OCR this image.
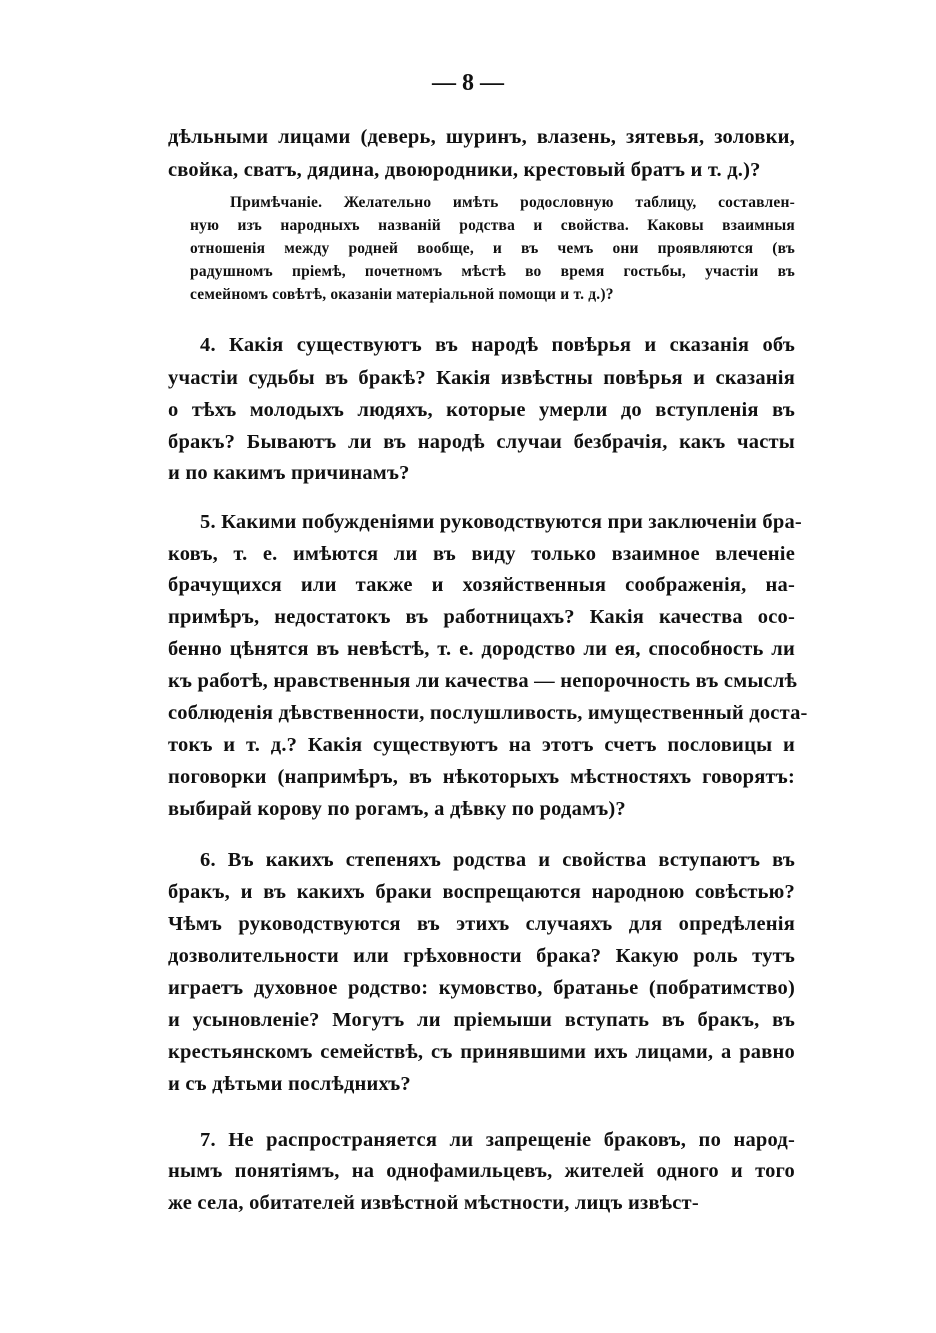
— 8 —
дѣльными лицами (деверь, шуринъ, влазень, зятевья, золовки,
свойка, сватъ, дядина, двоюродники, крестовый братъ и т. д.)?
Примѣчаніе. Желательно имѣть родословную таблицу, составлен-
ную изъ народныхъ названій родства и свойства. Каковы взаимныя
отношенія между родней вообще, и въ чемъ они проявляются (въ
радушномъ пріемѣ, почетномъ мѣстѣ во время гостьбы, участіи въ
семейномъ совѣтѣ, оказаніи матеріальной помощи и т. д.)?
4. Какія существуютъ въ народѣ повѣрья и сказанія объ
участіи судьбы въ бракѣ? Какія извѣстны повѣрья и сказанія
о тѣхъ молодыхъ людяхъ, которые умерли до вступленія въ
бракъ? Бываютъ ли въ народѣ случаи безбрачія, какъ часты
и по какимъ причинамъ?
5. Какими побужденіями руководствуются при заключеніи бра-
ковъ, т. е. имѣются ли въ виду только взаимное влеченіе
брачущихся или также и хозяйственныя соображенія, на-
примѣръ, недостатокъ въ работницахъ? Какія качества осо-
бенно цѣнятся въ невѣстѣ, т. е. дородство ли ея, способность ли
къ работѣ, нравственныя ли качества — непорочность въ смыслѣ
соблюденія дѣвственности, послушливость, имущественный доста-
токъ и т. д.? Какія существуютъ на этотъ счетъ пословицы и
поговорки (напримѣръ, въ нѣкоторыхъ мѣстностяхъ говорятъ:
выбирай корову по рогамъ, а дѣвку по родамъ)?
6. Въ какихъ степеняхъ родства и свойства вступаютъ въ
бракъ, и въ какихъ браки воспрещаются народною совѣстью?
Чѣмъ руководствуются въ этихъ случаяхъ для опредѣленія
дозволительности или грѣховности брака? Какую роль тутъ
играетъ духовное родство: кумовство, братанье (побратимство)
и усыновленіе? Могутъ ли пріемыши вступать въ бракъ, въ
крестьянскомъ семействѣ, съ принявшими ихъ лицами, а равно
и съ дѣтьми послѣднихъ?
7. Не распространяется ли запрещеніе браковъ, по народ-
нымъ понятіямъ, на однофамильцевъ, жителей одного и того
же села, обитателей извѣстной мѣстности, лицъ извѣст-
